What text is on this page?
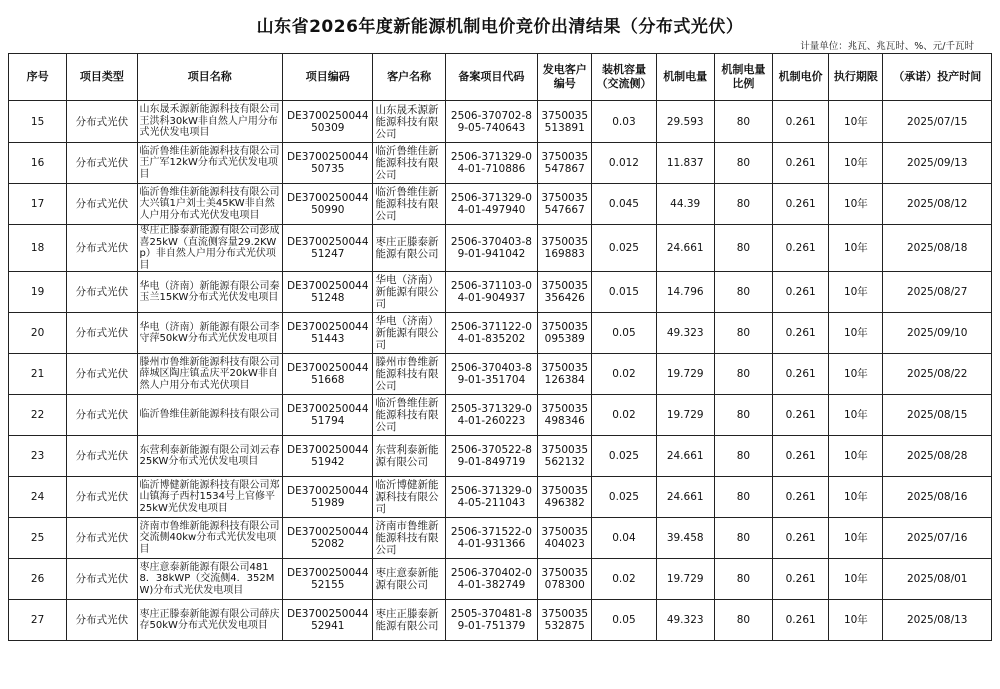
山东省2026年度新能源机制电价竞价出清结果（分布式光伏）
计量单位：兆瓦、兆瓦时、%、元/千瓦时
序号	项目类型	项目名称	项目编码	客户名称	备案项目代码	发电客户编号	装机容量（交流侧）	机制电量	机制电量比例	机制电价	执行期限	（承诺）投产时间
15	分布式光伏	山东晟禾源新能源科技有限公司王洪科30kW非自然人户用分布式光伏发电项目	DE370025004450309	山东晟禾源新能源科技有限公司	2506-370702-89-05-740643	3750035513891	0.03	29.593	80	0.261	10年	2025/07/15
16	分布式光伏	临沂鲁维佳新能源科技有限公司王广军12kW分布式光伏发电项目	DE370025004450735	临沂鲁维佳新能源科技有限公司	2506-371329-04-01-710886	3750035547867	0.012	11.837	80	0.261	10年	2025/09/13
17	分布式光伏	临沂鲁维佳新能源科技有限公司大兴镇1户刘士美45KW非自然人户用分布式光伏发电项目	DE370025004450990	临沂鲁维佳新能源科技有限公司	2506-371329-04-01-497940	3750035547667	0.045	44.39	80	0.261	10年	2025/08/12
18	分布式光伏	枣庄正滕泰新能源有限公司彭成喜25kW（直流侧容量29.2KWp）非自然人户用分布式光伏项目	DE370025004451247	枣庄正滕泰新能源有限公司	2506-370403-89-01-941042	3750035169883	0.025	24.661	80	0.261	10年	2025/08/18
19	分布式光伏	华电（济南）新能源有限公司秦玉兰15KW分布式光伏发电项目	DE370025004451248	华电（济南）新能源有限公司	2506-371103-04-01-904937	3750035356426	0.015	14.796	80	0.261	10年	2025/08/27
20	分布式光伏	华电（济南）新能源有限公司李守萍50kW分布式光伏发电项目	DE370025004451443	华电（济南）新能源有限公司	2506-371122-04-01-835202	3750035095389	0.05	49.323	80	0.261	10年	2025/09/10
21	分布式光伏	滕州市鲁维新能源科技有限公司薛城区陶庄镇孟庆平20kW非自然人户用分布式光伏项目	DE370025004451668	滕州市鲁维新能源科技有限公司	2506-370403-89-01-351704	3750035126384	0.02	19.729	80	0.261	10年	2025/08/22
22	分布式光伏	临沂鲁维佳新能源科技有限公司	DE370025004451794	临沂鲁维佳新能源科技有限公司	2505-371329-04-01-260223	3750035498346	0.02	19.729	80	0.261	10年	2025/08/15
23	分布式光伏	东营利泰新能源有限公司刘云春25KW分布式光伏发电项目	DE370025004451942	东营利泰新能源有限公司	2506-370522-89-01-849719	3750035562132	0.025	24.661	80	0.261	10年	2025/08/28
24	分布式光伏	临沂博健新能源科技有限公司郑山镇海子西村1534号上官修平25kW光伏发电项目	DE370025004451989	临沂博健新能源科技有限公司	2506-371329-04-05-211043	3750035496382	0.025	24.661	80	0.261	10年	2025/08/16
25	分布式光伏	济南市鲁维新能源科技有限公司交流侧40kw分布式光伏发电项目	DE370025004452082	济南市鲁维新能源科技有限公司	2506-371522-04-01-931366	3750035404023	0.04	39.458	80	0.261	10年	2025/07/16
26	分布式光伏	枣庄意泰新能源有限公司4818．38kWP（交流侧4．352MW)分布式光伏发电项目	DE370025004452155	枣庄意泰新能源有限公司	2506-370402-04-01-382749	3750035078300	0.02	19.729	80	0.261	10年	2025/08/01
27	分布式光伏	枣庄正滕泰新能源有限公司薛庆存50kW分布式光伏发电项目	DE370025004452941	枣庄正滕泰新能源有限公司	2505-370481-89-01-751379	3750035532875	0.05	49.323	80	0.261	10年	2025/08/13
